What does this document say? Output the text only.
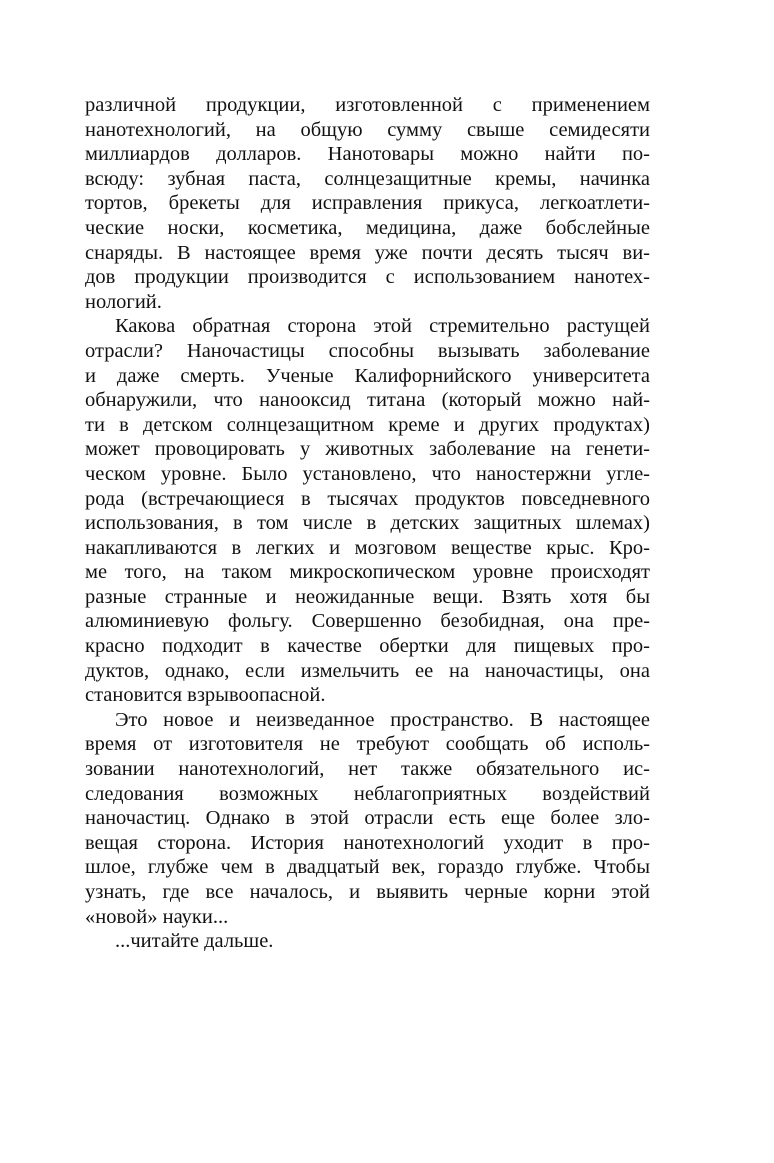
различной продукции, изготовленной с применением
нанотехнологий, на общую сумму свыше семидесяти
миллиардов долларов. Нанотовары можно найти по-
всюду: зубная паста, солнцезащитные кремы, начинка
тортов, брекеты для исправления прикуса, легкоатлети-
ческие носки, косметика, медицина, даже бобслейные
снаряды. В настоящее время уже почти десять тысяч ви-
дов продукции производится с использованием нанотех-
нологий.
Какова обратная сторона этой стремительно растущей
отрасли? Наночастицы способны вызывать заболевание
и даже смерть. Ученые Калифорнийского университета
обнаружили, что нанооксид титана (который можно най-
ти в детском солнцезащитном креме и других продуктах)
может провоцировать у животных заболевание на генети-
ческом уровне. Было установлено, что наностержни угле-
рода (встречающиеся в тысячах продуктов повседневного
использования, в том числе в детских защитных шлемах)
накапливаются в легких и мозговом веществе крыс. Кро-
ме того, на таком микроскопическом уровне происходят
разные странные и неожиданные вещи. Взять хотя бы
алюминиевую фольгу. Совершенно безобидная, она пре-
красно подходит в качестве обертки для пищевых про-
дуктов, однако, если измельчить ее на наночастицы, она
становится взрывоопасной.
Это новое и неизведанное пространство. В настоящее
время от изготовителя не требуют сообщать об исполь-
зовании нанотехнологий, нет также обязательного ис-
следования возможных неблагоприятных воздействий
наночастиц. Однако в этой отрасли есть еще более зло-
вещая сторона. История нанотехнологий уходит в про-
шлое, глубже чем в двадцатый век, гораздо глубже. Чтобы
узнать, где все началось, и выявить черные корни этой
«новой» науки...
...читайте дальше.
